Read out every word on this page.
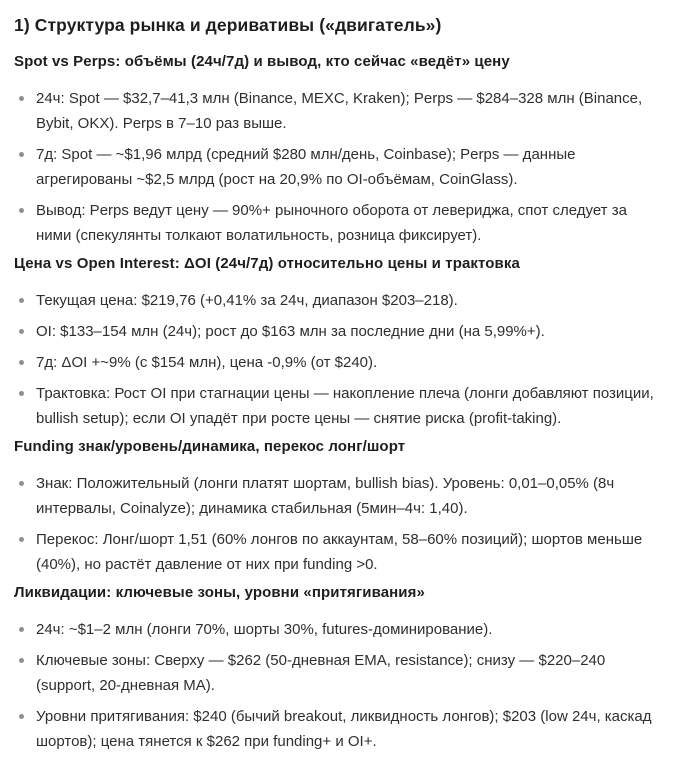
1) Структура рынка и деривативы («двигатель»)
Spot vs Perps: объёмы (24ч/7д) и вывод, кто сейчас «ведёт» цену
24ч: Spot — $32,7–41,3 млн (Binance, MEXC, Kraken); Perps — $284–328 млн (Binance, Bybit, OKX). Perps в 7–10 раз выше.
7д: Spot — ~$1,96 млрд (средний $280 млн/день, Coinbase); Perps — данные агрегированы ~$2,5 млрд (рост на 20,9% по OI-объёмам, CoinGlass).
Вывод: Perps ведут цену — 90%+ рыночного оборота от левериджа, спот следует за ними (спекулянты толкают волатильность, розница фиксирует).
Цена vs Open Interest: ΔOI (24ч/7д) относительно цены и трактовка
Текущая цена: $219,76 (+0,41% за 24ч, диапазон $203–218).
OI: $133–154 млн (24ч); рост до $163 млн за последние дни (на 5,99%+).
7д: ΔOI +~9% (с $154 млн), цена -0,9% (от $240).
Трактовка: Рост OI при стагнации цены — накопление плеча (лонги добавляют позиции, bullish setup); если OI упадёт при росте цены — снятие риска (profit-taking).
Funding знак/уровень/динамика, перекос лонг/шорт
Знак: Положительный (лонги платят шортам, bullish bias). Уровень: 0,01–0,05% (8ч интервалы, Coinalyze); динамика стабильная (5мин–4ч: 1,40).
Перекос: Лонг/шорт 1,51 (60% лонгов по аккаунтам, 58–60% позиций); шортов меньше (40%), но растёт давление от них при funding >0.
Ликвидации: ключевые зоны, уровни «притягивания»
24ч: ~$1–2 млн (лонги 70%, шорты 30%, futures-доминирование).
Ключевые зоны: Сверху — $262 (50-дневная EMA, resistance); снизу — $220–240 (support, 20-дневная MA).
Уровни притягивания: $240 (бычий breakout, ликвидность лонгов); $203 (low 24ч, каскад шортов); цена тянется к $262 при funding+ и OI+.
